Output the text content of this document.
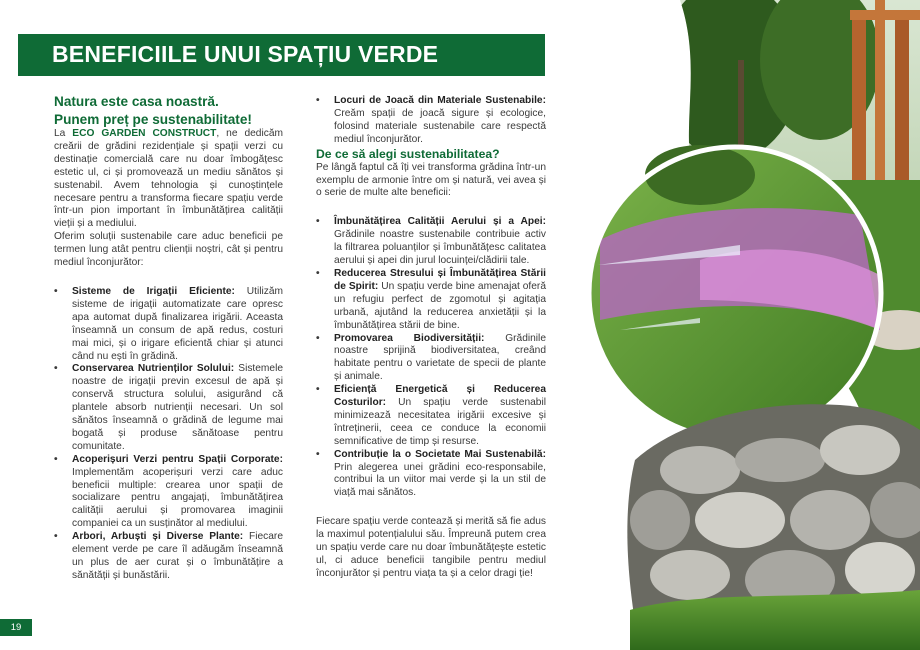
BENEFICIILE UNUI SPAȚIU VERDE

Natura este casa noastră.
Punem preț pe sustenabilitate!

La ECO GARDEN CONSTRUCT, ne dedicăm creării de grădini rezidențiale și spații verzi cu destinație comercială care nu doar îmbogățesc estetic ul, ci și promovează un mediu sănătos și sustenabil. Avem tehnologia și cunoștințele necesare pentru a transforma fiecare spațiu verde într-un pion important în îmbunătățirea calității vieții și a mediului.

Oferim soluții sustenabile care aduc beneficii pe termen lung atât pentru clienții noștri, cât și pentru mediul înconjurător:

• Sisteme de Irigații Eficiente: Utilizăm sisteme de irigații automatizate care opresc apa automat după finalizarea irigării. Aceasta înseamnă un consum de apă redus, costuri mai mici, și o irigare eficientă chiar și atunci când nu ești în grădină.
• Conservarea Nutrienților Solului: Sistemele noastre de irigații previn excesul de apă și conservă structura solului, asigurând că plantele absorb nutrienții necesari. Un sol sănătos înseamnă o grădină de legume mai bogată și produse sănătoase pentru comunitate.
• Acoperișuri Verzi pentru Spații Corporate: Implementăm acoperișuri verzi care aduc beneficii multiple: crearea unor spații de socializare pentru angajați, îmbunătățirea calității aerului și promovarea imaginii companiei ca un susținător al mediului.
• Arbori, Arbuști și Diverse Plante: Fiecare element verde pe care îl adăugăm înseamnă un plus de aer curat și o îmbunătățire a sănătății și bunăstării.
• Locuri de Joacă din Materiale Sustenabile: Creăm spații de joacă sigure și ecologice, folosind materiale sustenabile care respectă mediul înconjurător.

De ce să alegi sustenabilitatea?

Pe lângă faptul că îți vei transforma grădina într-un exemplu de armonie între om și natură, vei avea și o serie de multe alte beneficii:

• Îmbunătățirea Calității Aerului și a Apei: Grădinile noastre sustenabile contribuie activ la filtrarea poluanților și îmbunătățesc calitatea aerului și apei din jurul locuinței/clădirii tale.
• Reducerea Stresului și Îmbunătățirea Stării de Spirit: Un spațiu verde bine amenajat oferă un refugiu perfect de zgomotul și agitația urbană, ajutând la reducerea anxietății și la îmbunătățirea stării de bine.
• Promovarea Biodiversității: Grădinile noastre sprijină biodiversitatea, creând habitate pentru o varietate de specii de plante și animale.
• Eficiență Energetică și Reducerea Costurilor: Un spațiu verde sustenabil minimizează necesitatea irigării excesive și întreținerii, ceea ce conduce la economii semnificative de timp și resurse.
• Contribuție la o Societate Mai Sustenabilă: Prin alegerea unei grădini eco-responsabile, contribui la un viitor mai verde și la un stil de viață mai sănătos.

Fiecare spațiu verde contează și merită să fie adus la maximul potențialului său. Împreună putem crea un spațiu verde care nu doar îmbunătățește estetic ul, ci aduce beneficii tangibile pentru mediul înconjurător și pentru viața ta și a celor dragi ție!

19
